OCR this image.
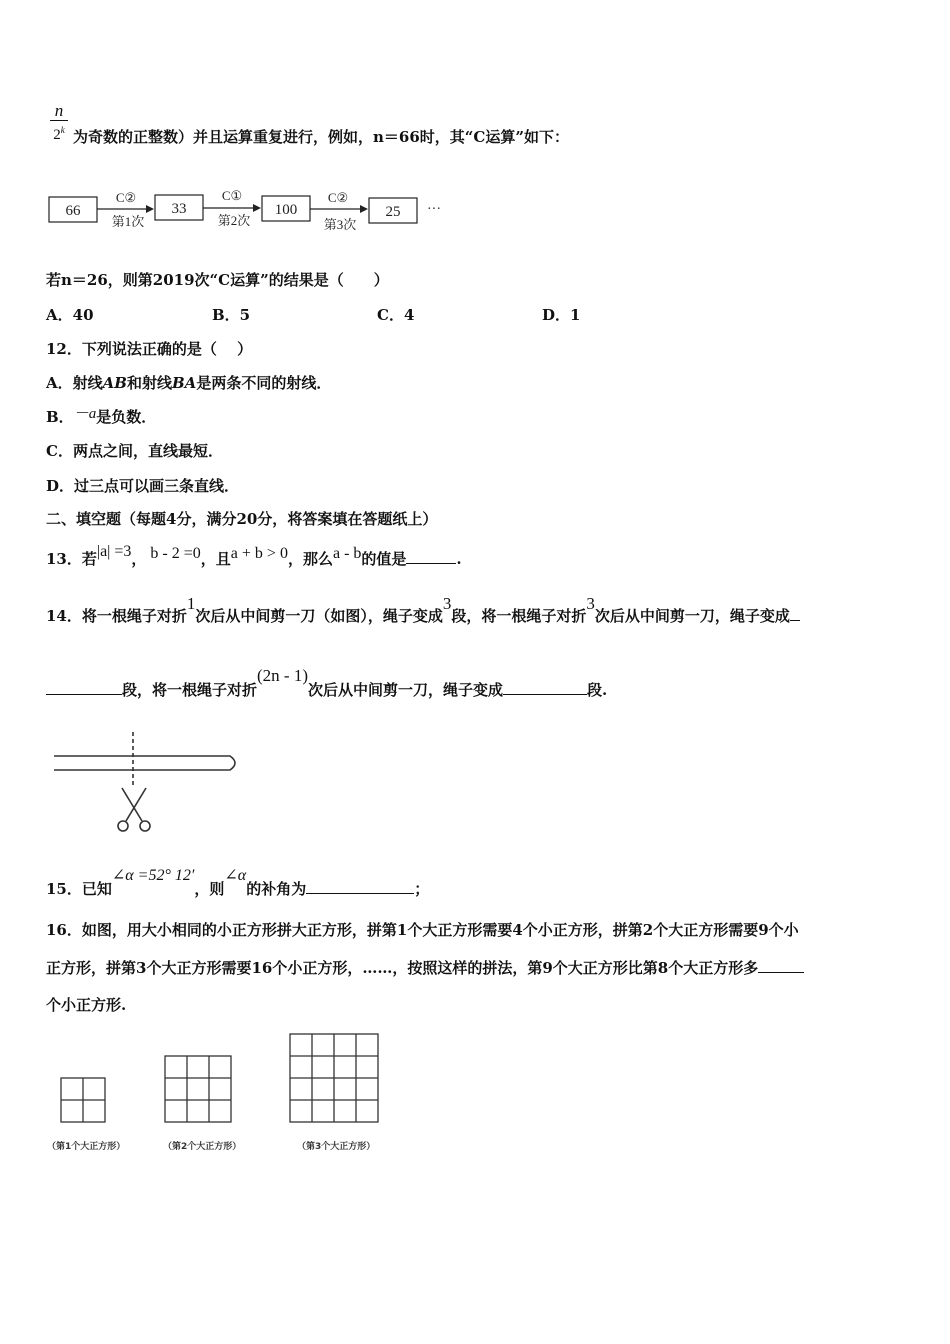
n
2$^k$ 为奇数的正整数）并且运算重复进行，例如，n＝66时，其“C运算”如下：
66	33	100	25
C②	C①	C②
第1次	第2次	第3次
···
若n＝26，则第2019次“C运算”的结果是（　　）
A．40	B．5	C．4	D．1
12．下列说法正确的是（　 ）
A．射线AB和射线BA是两条不同的射线．
B．－a是负数．
C．两点之间，直线最短．
D．过三点可以画三条直线．
二、填空题（每题4分，满分20分，将答案填在答题纸上）
13．若|a| =3， b - 2 =0，且a + b > 0，那么a - b的值是	.
14．将一根绳子对折1次后从中间剪一刀（如图），绳子变成3段，将一根绳子对折3次后从中间剪一刀，绳子变成
段，将一根绳子对折(2n - 1)次后从中间剪一刀，绳子变成	段.
15．已知∠α =52° 12′，则∠α的补角为	；
16．如图，用大小相同的小正方形拼大正方形，拼第1个大正方形需要4个小正方形，拼第2个大正方形需要9个小
正方形，拼第3个大正方形需要16个小正方形，……，按照这样的拼法，第9个大正方形比第8个大正方形多
个小正方形.
（第1个大正方形）	（第2个大正方形）	（第3个大正方形）
